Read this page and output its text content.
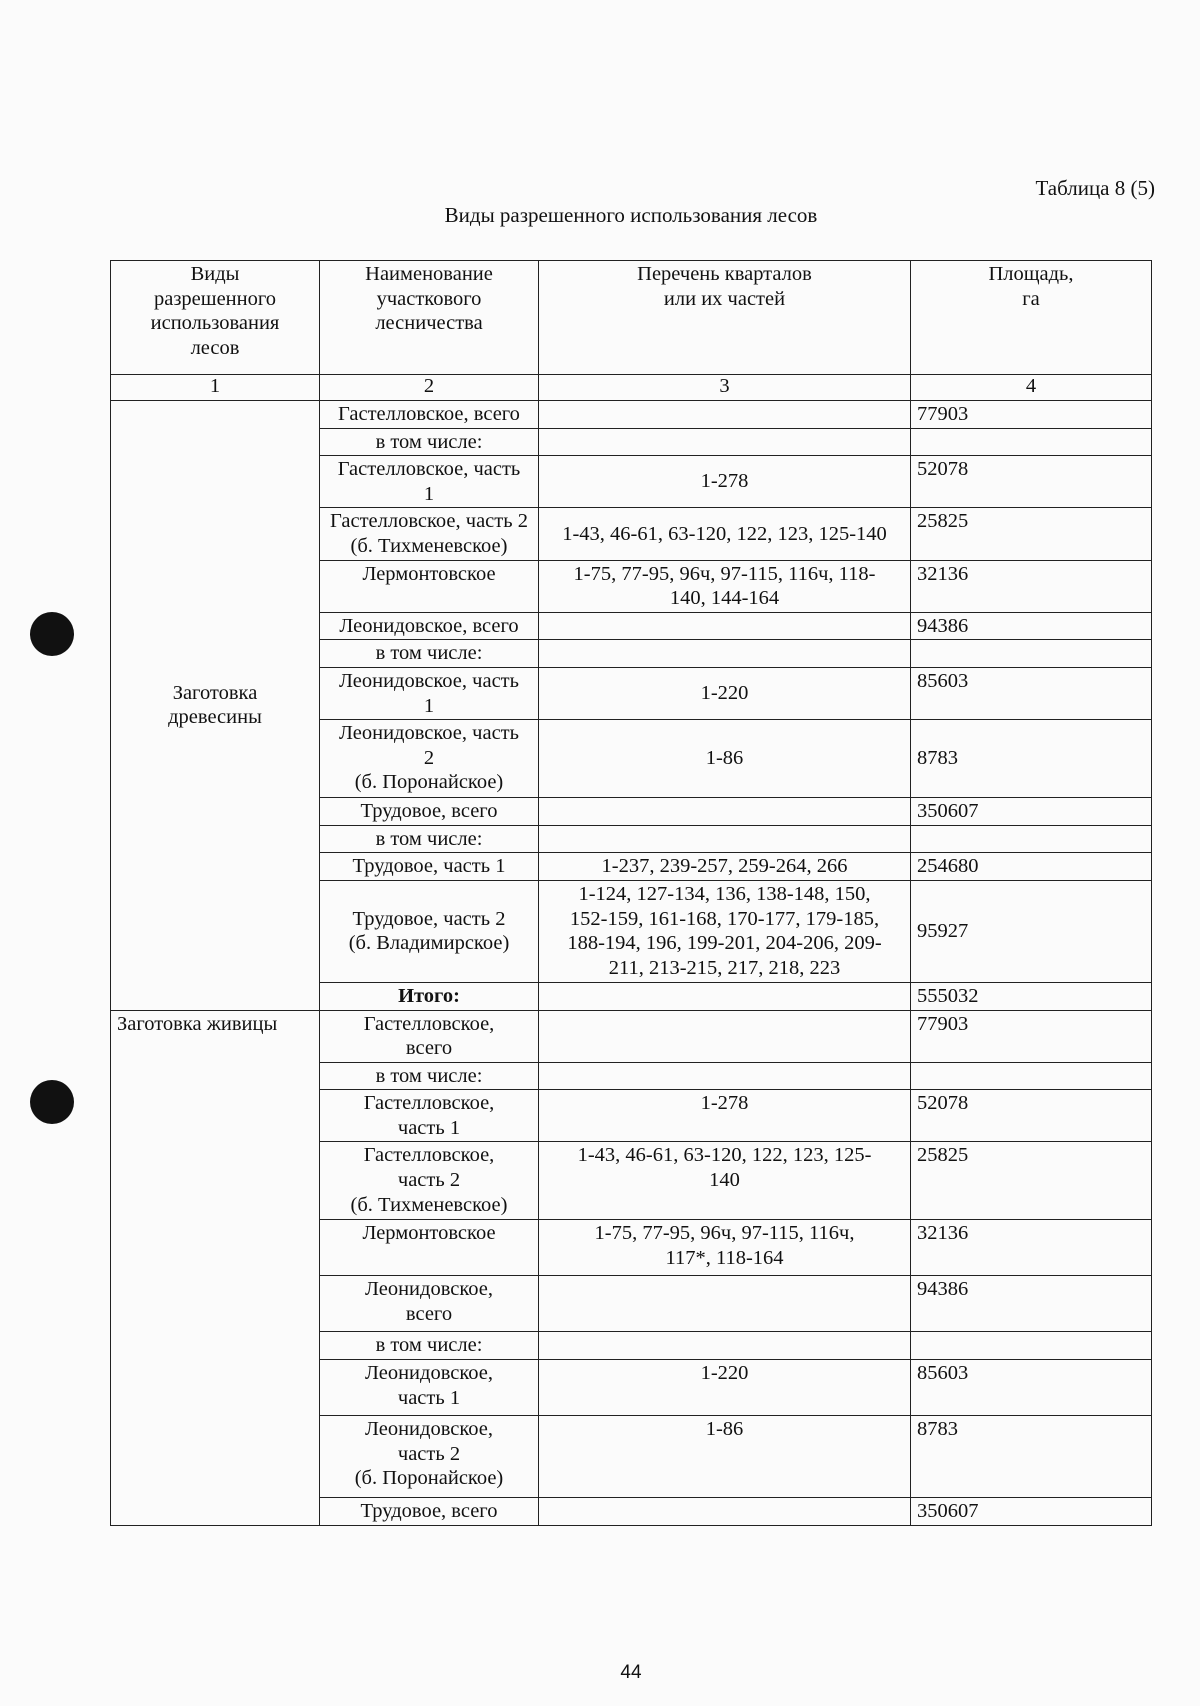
Таблица 8 (5)
Виды разрешенного использования лесов
Виды
разрешенного
использования
лесов	Наименование
участкового
лесничества	Перечень кварталов
или их частей	Площадь,
га
1	2	3	4
Заготовка
древесины	Гастелловское, всего		77903
	в том числе:		
	Гастелловское, часть
1	1-278	52078
	Гастелловское, часть 2
(б. Тихменевское)	1-43, 46-61, 63-120, 122, 123, 125-140	25825
	Лермонтовское	1-75, 77-95, 96ч, 97-115, 116ч, 118-
140, 144-164	32136
	Леонидовское, всего		94386
	в том числе:		
	Леонидовское, часть
1	1-220	85603
	Леонидовское, часть
2
(б. Поронайское)	1-86	8783
	Трудовое, всего		350607
	в том числе:		
	Трудовое, часть 1	1-237, 239-257, 259-264, 266	254680
	Трудовое, часть 2
(б. Владимирское)	1-124, 127-134, 136, 138-148, 150,
152-159, 161-168, 170-177, 179-185,
188-194, 196, 199-201, 204-206, 209-
211, 213-215, 217, 218, 223	95927
	Итого:		555032
Заготовка живицы	Гастелловское,
всего		77903
	в том числе:		
	Гастелловское,
часть 1	1-278	52078
	Гастелловское,
часть 2
(б. Тихменевское)	1-43, 46-61, 63-120, 122, 123, 125-
140	25825
	Лермонтовское	1-75, 77-95, 96ч, 97-115, 116ч,
117*, 118-164	32136
	Леонидовское,
всего		94386
	в том числе:		
	Леонидовское,
часть 1	1-220	85603
	Леонидовское,
часть 2
(б. Поронайское)	1-86	8783
	Трудовое, всего		350607
44
